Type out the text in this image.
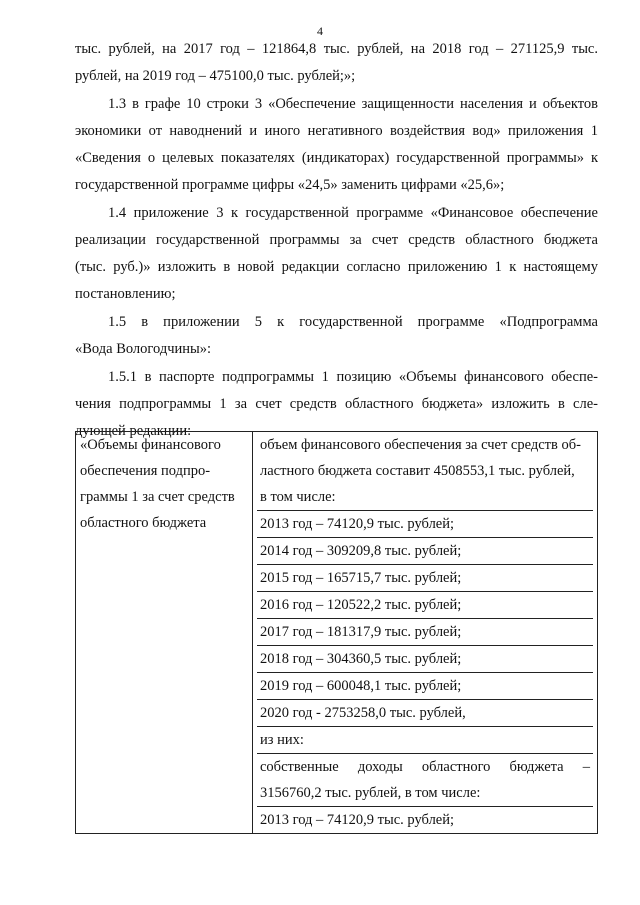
4
тыс. рублей, на 2017 год – 121864,8 тыс. рублей, на 2018 год – 271125,9 тыс.
рублей, на 2019 год – 475100,0 тыс. рублей;»;
1.3 в графе 10 строки 3 «Обеспечение защищенности населения и объектов
экономики от наводнений и иного негативного воздействия вод» приложения 1
«Сведения о целевых показателях (индикаторах) государственной программы» к
государственной программе цифры «24,5» заменить цифрами «25,6»;
1.4 приложение 3 к государственной программе «Финансовое обеспечение
реализации государственной программы за счет средств областного бюджета
(тыс. руб.)» изложить в новой редакции согласно приложению 1 к настоящему
постановлению;
1.5 в приложении 5 к государственной программе «Подпрограмма
«Вода Вологодчины»:
1.5.1 в паспорте подпрограммы 1 позицию «Объемы финансового обеспе-
чения подпрограммы 1 за счет средств областного бюджета» изложить в сле-
дующей редакции:
«Объемы финансового
обеспечения подпро-
граммы 1 за счет средств
областного бюджета

объем финансового обеспечения за счет средств об-
ластного бюджета составит 4508553,1 тыс. рублей,
в том числе:
2013 год – 74120,9 тыс. рублей;
2014 год – 309209,8 тыс. рублей;
2015 год – 165715,7 тыс. рублей;
2016 год – 120522,2 тыс. рублей;
2017 год – 181317,9 тыс. рублей;
2018 год – 304360,5 тыс. рублей;
2019 год – 600048,1 тыс. рублей;
2020 год - 2753258,0 тыс. рублей,
из них:
собственные доходы областного бюджета –
3156760,2 тыс. рублей, в том числе:
2013 год – 74120,9 тыс. рублей;
